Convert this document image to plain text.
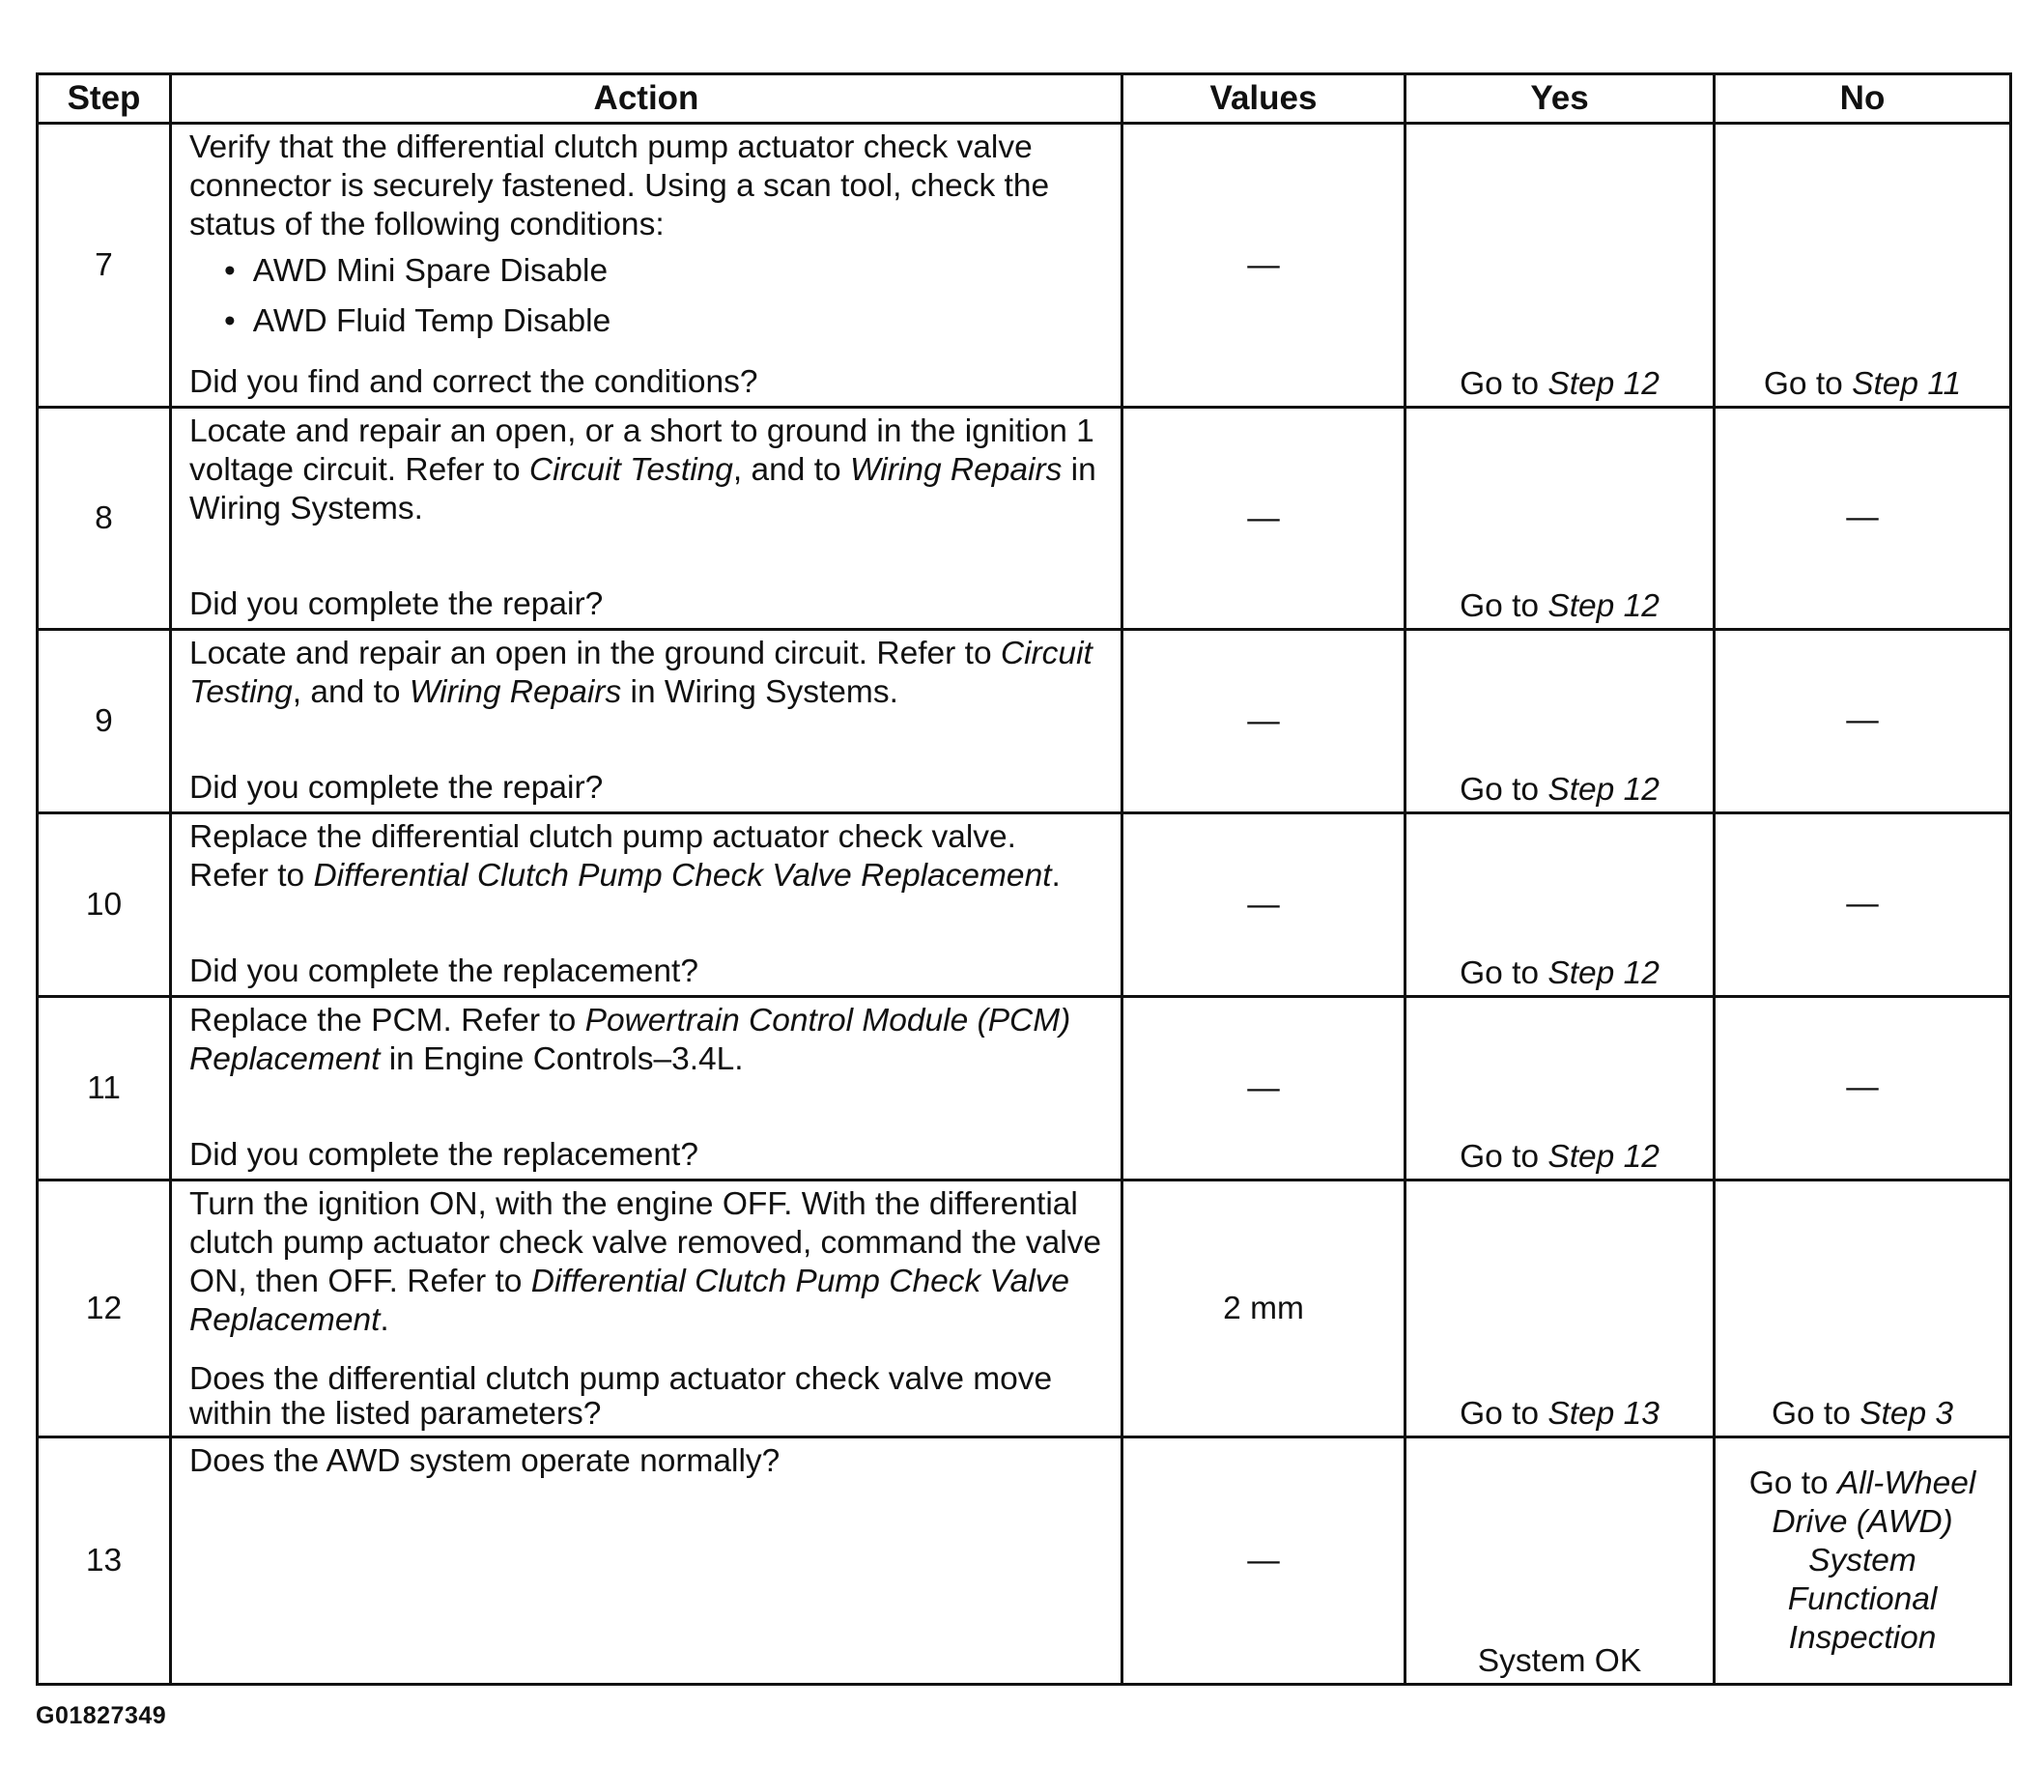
Step	Action	Values	Yes	No
7	Verify that the differential clutch pump actuator check valve connector is securely fastened. Using a scan tool, check the status of the following conditions:
• AWD Mini Spare Disable
• AWD Fluid Temp Disable
Did you find and correct the conditions?	—	Go to Step 12	Go to Step 11
8	Locate and repair an open, or a short to ground in the ignition 1 voltage circuit. Refer to Circuit Testing, and to Wiring Repairs in Wiring Systems.
Did you complete the repair?	—	Go to Step 12	—
9	Locate and repair an open in the ground circuit. Refer to Circuit Testing, and to Wiring Repairs in Wiring Systems.
Did you complete the repair?	—	Go to Step 12	—
10	Replace the differential clutch pump actuator check valve. Refer to Differential Clutch Pump Check Valve Replacement.
Did you complete the replacement?	—	Go to Step 12	—
11	Replace the PCM. Refer to Powertrain Control Module (PCM) Replacement in Engine Controls–3.4L.
Did you complete the replacement?	—	Go to Step 12	—
12	Turn the ignition ON, with the engine OFF. With the differential clutch pump actuator check valve removed, command the valve ON, then OFF. Refer to Differential Clutch Pump Check Valve Replacement.
Does the differential clutch pump actuator check valve move within the listed parameters?	2 mm	Go to Step 13	Go to Step 3
13	Does the AWD system operate normally?	—	System OK	Go to All-Wheel Drive (AWD) System Functional Inspection
G01827349
